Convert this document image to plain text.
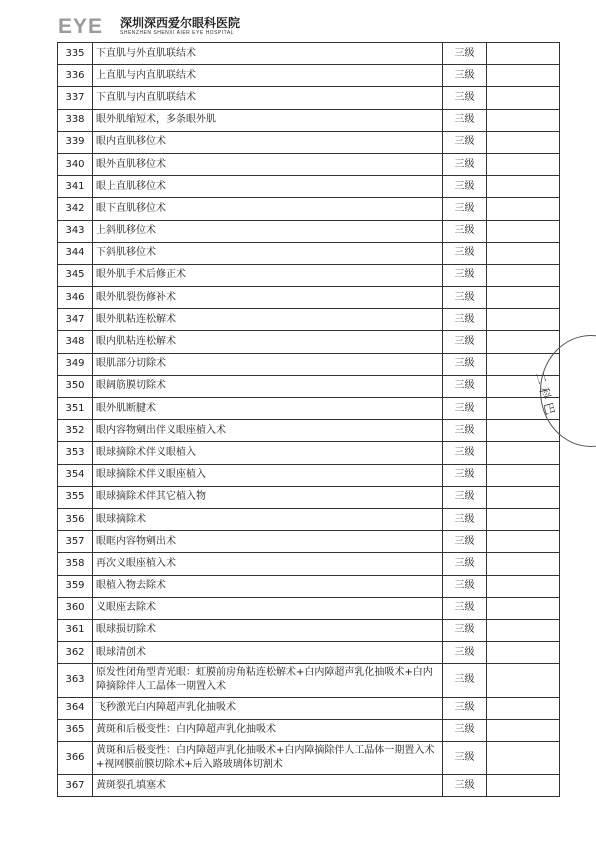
EYE	深圳深西爱尔眼科医院
SHENZHEN SHENXI AIER EYE HOSPITAL
335	下直肌与外直肌联结术	三级	
336	上直肌与内直肌联结术	三级	
337	下直肌与内直肌联结术	三级	
338	眼外肌缩短术，多条眼外肌	三级	
339	眼内直肌移位术	三级	
340	眼外直肌移位术	三级	
341	眼上直肌移位术	三级	
342	眼下直肌移位术	三级	
343	上斜肌移位术	三级	
344	下斜肌移位术	三级	
345	眼外肌手术后修正术	三级	
346	眼外肌裂伤修补术	三级	
347	眼外肌粘连松解术	三级	
348	眼内肌粘连松解术	三级	
349	眼肌部分切除术	三级	
350	眼阔筋膜切除术	三级	
351	眼外肌断腱术	三级	
352	眼内容物剜出伴义眼座植入术	三级	
353	眼球摘除术伴义眼植入	三级	
354	眼球摘除术伴义眼座植入	三级	
355	眼球摘除术伴其它植入物	三级	
356	眼球摘除术	三级	
357	眼眶内容物剜出术	三级	
358	再次义眼座植入术	三级	
359	眼植入物去除术	三级	
360	义眼座去除术	三级	
361	眼球损切除术	三级	
362	眼球清创术	三级	
363	原发性闭角型青光眼：虹膜前房角粘连松解术+白内障超声乳化抽吸术+白内障摘除伴人工晶体一期置入术	三级	
364	飞秒激光白内障超声乳化抽吸术	三级	
365	黄斑和后极变性：白内障超声乳化抽吸术	三级	
366	黄斑和后极变性：白内障超声乳化抽吸术+白内障摘除伴人工晶体一期置入术+视网膜前膜切除术+后入路玻璃体切割术	三级	
367	黄斑裂孔填塞术	三级	
二 科 巴
